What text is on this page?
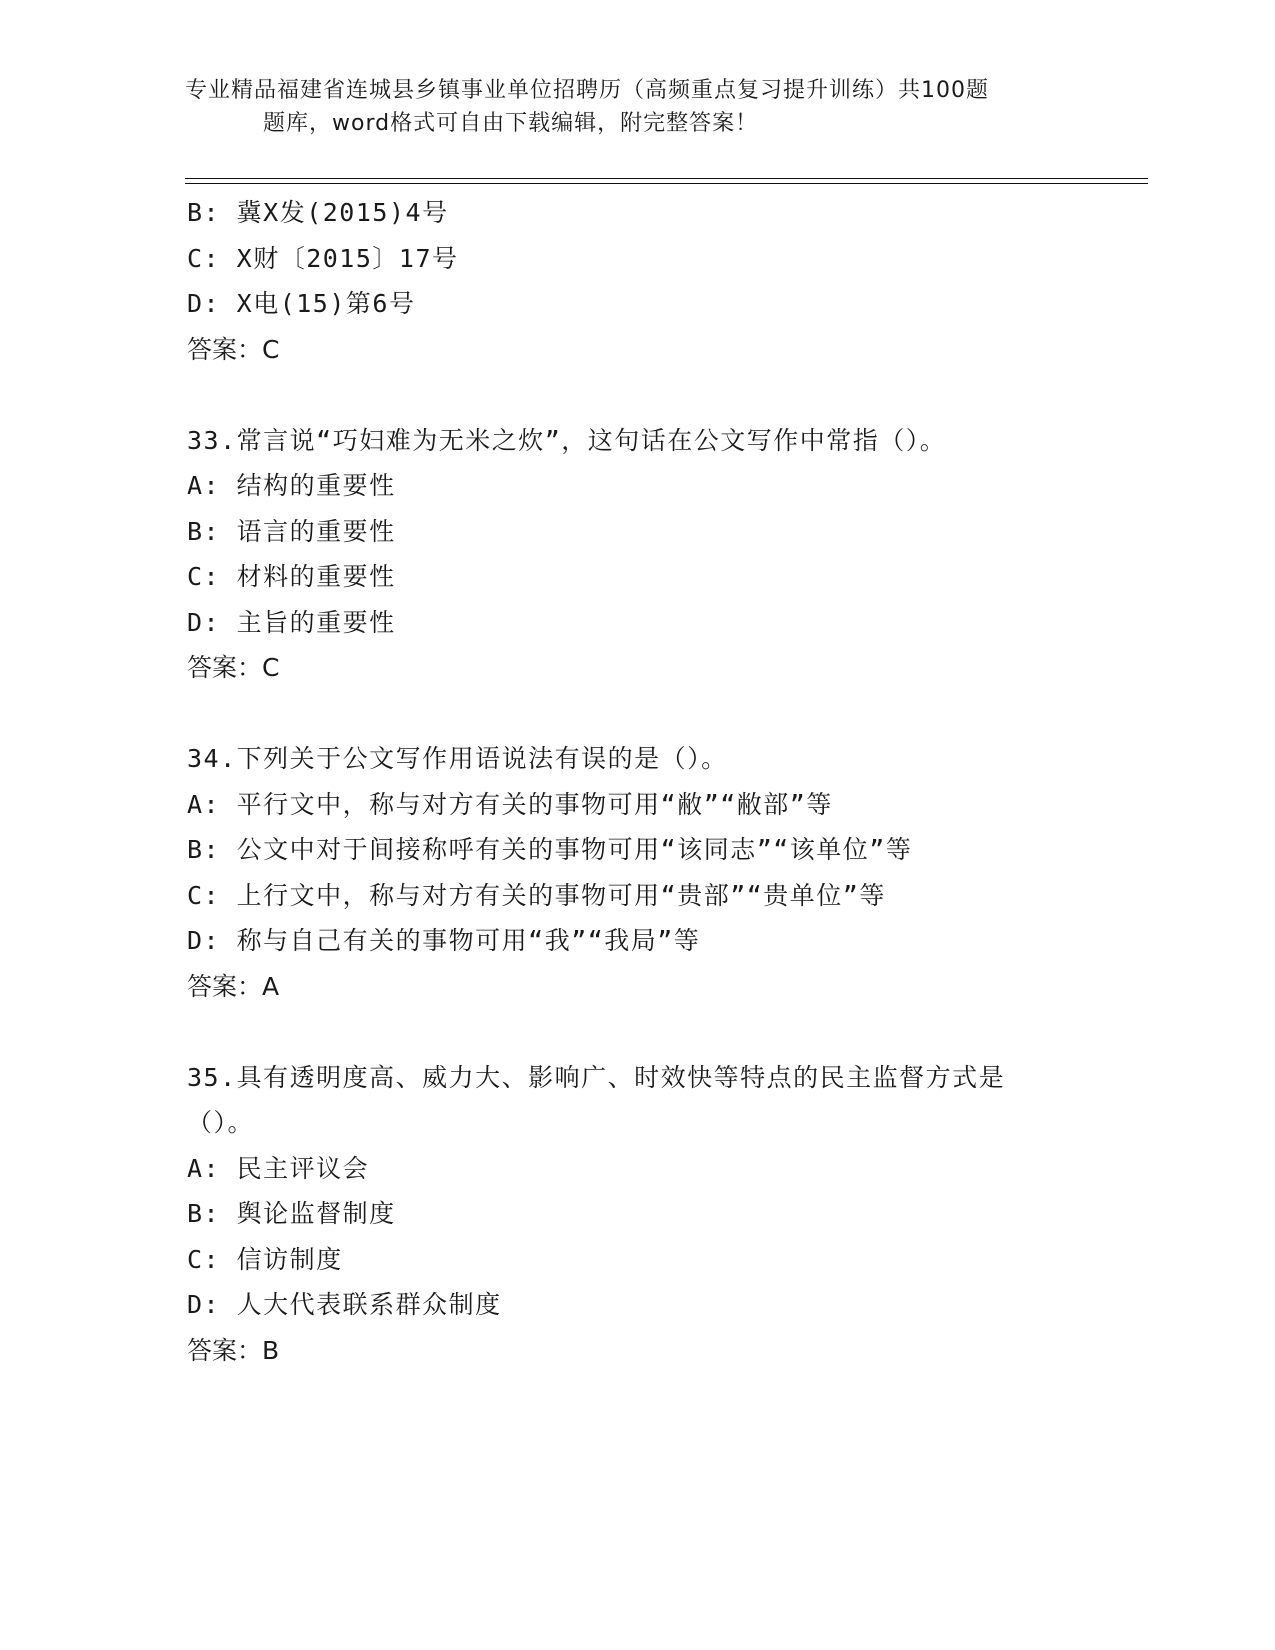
专业精品福建省连城县乡镇事业单位招聘历（高频重点复习提升训练）共100题
题库，word格式可自由下载编辑，附完整答案！
B: 冀X发(2015)4号
C: X财〔2015〕17号
D: X电(15)第6号
答案：C
33.常言说“巧妇难为无米之炊”，这句话在公文写作中常指（）。
A: 结构的重要性
B: 语言的重要性
C: 材料的重要性
D: 主旨的重要性
答案：C
34.下列关于公文写作用语说法有误的是（）。
A: 平行文中，称与对方有关的事物可用“敝”“敝部”等
B: 公文中对于间接称呼有关的事物可用“该同志”“该单位”等
C: 上行文中，称与对方有关的事物可用“贵部”“贵单位”等
D: 称与自己有关的事物可用“我”“我局”等
答案：A
35.具有透明度高、威力大、影响广、时效快等特点的民主监督方式是
（）。
A: 民主评议会
B: 舆论监督制度
C: 信访制度
D: 人大代表联系群众制度
答案：B
